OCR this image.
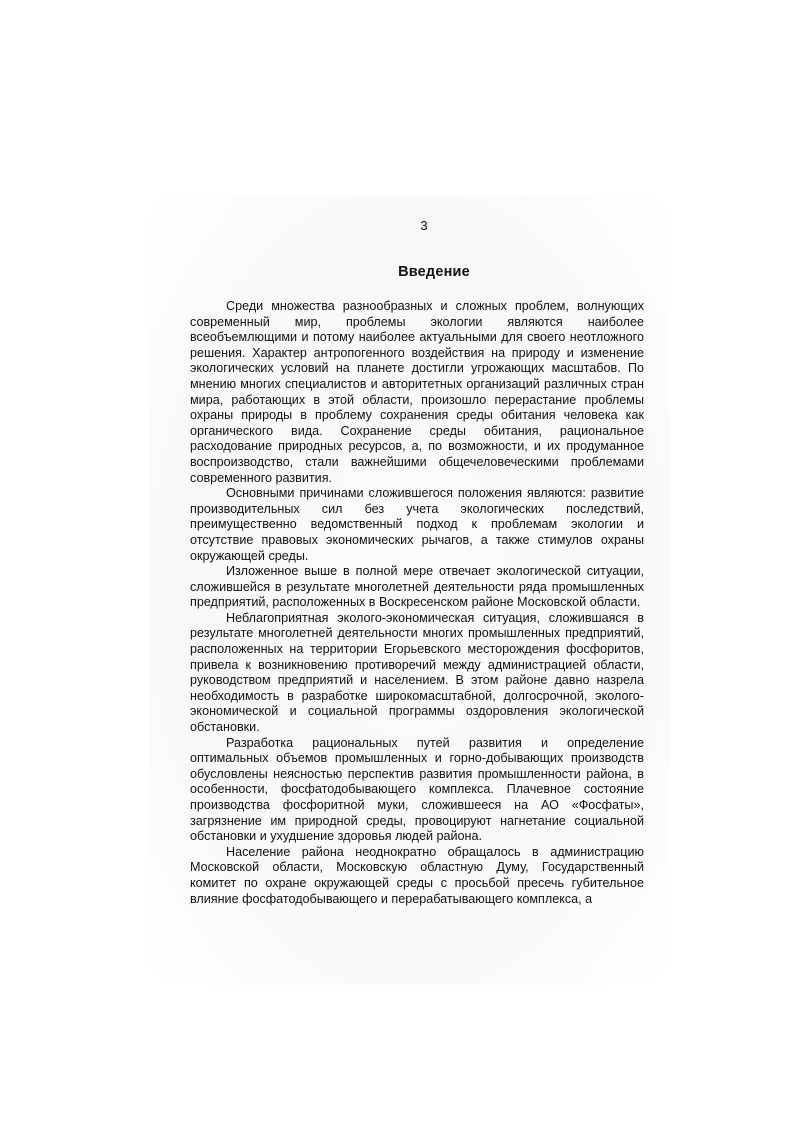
3
Введение

Среди множества разнообразных и сложных проблем, волнующих современный мир, проблемы экологии являются наиболее всеобъемлющими и потому наиболее актуальными для своего неотложного решения. Характер антропогенного воздействия на природу и изменение экологических условий на планете достигли угрожающих масштабов. По мнению многих специалистов и авторитетных организаций различных стран мира, работающих в этой области, произошло перерастание проблемы охраны природы в проблему сохранения среды обитания человека как органического вида. Сохранение среды обитания, рациональное расходование природных ресурсов, а, по возможности, и их продуманное воспроизводство, стали важнейшими общечеловеческими проблемами современного развития.

Основными причинами сложившегося положения являются: развитие производительных сил без учета экологических последствий, преимущественно ведомственный подход к проблемам экологии и отсутствие правовых экономических рычагов, а также стимулов охраны окружающей среды.

Изложенное выше в полной мере отвечает экологической ситуации, сложившейся в результате многолетней деятельности ряда промышленных предприятий, расположенных в Воскресенском районе Московской области.

Неблагоприятная эколого-экономическая ситуация, сложившаяся в результате многолетней деятельности многих промышленных предприятий, расположенных на территории Егорьевского месторождения фосфоритов, привела к возникновению противоречий между администрацией области, руководством предприятий и населением. В этом районе давно назрела необходимость в разработке широкомасштабной, долгосрочной, эколого-экономической и социальной программы оздоровления экологической обстановки.

Разработка рациональных путей развития и определение оптимальных объемов промышленных и горно-добывающих производств обусловлены неясностью перспектив развития промышленности района, в особенности, фосфатодобывающего комплекса. Плачевное состояние производства фосфоритной муки, сложившееся на АО «Фосфаты», загрязнение им природной среды, провоцируют нагнетание социальной обстановки и ухудшение здоровья людей района.

Население района неоднократно обращалось в администрацию Московской области, Московскую областную Думу, Государственный комитет по охране окружающей среды с просьбой пресечь губительное влияние фосфатодобывающего и перерабатывающего комплекса, а
